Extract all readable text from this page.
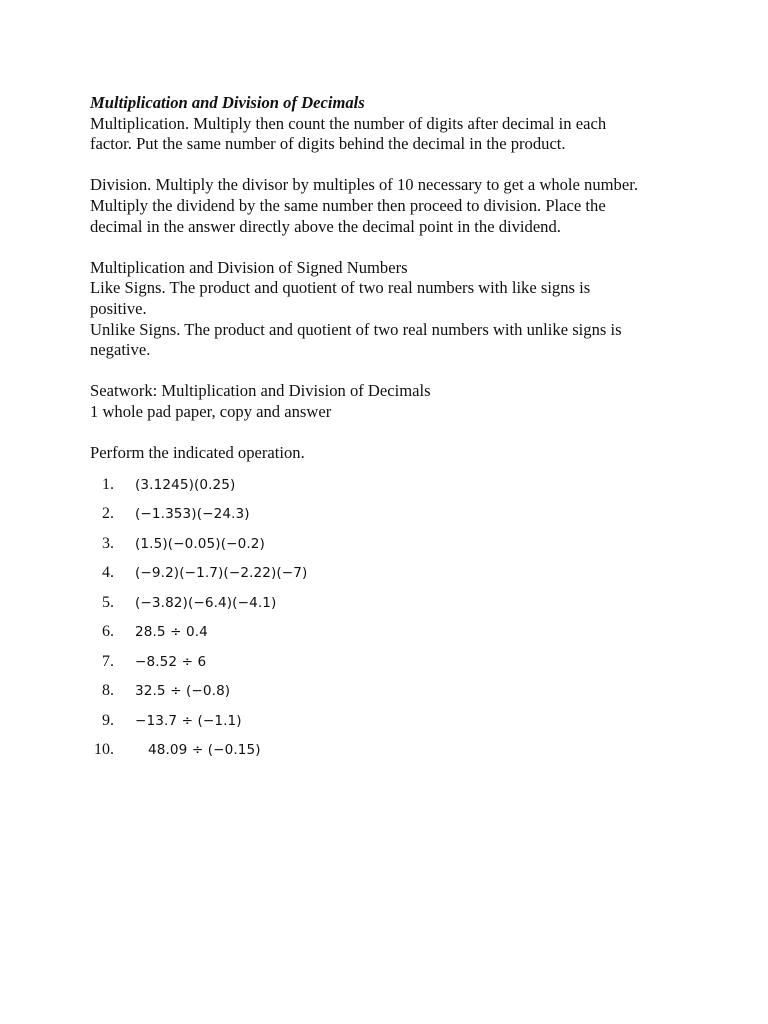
Multiplication and Division of Decimals
Multiplication. Multiply then count the number of digits after decimal in each
factor. Put the same number of digits behind the decimal in the product.
Division. Multiply the divisor by multiples of 10 necessary to get a whole number.
Multiply the dividend by the same number then proceed to division. Place the
decimal in the answer directly above the decimal point in the dividend.
Multiplication and Division of Signed Numbers
Like Signs. The product and quotient of two real numbers with like signs is
positive.
Unlike Signs. The product and quotient of two real numbers with unlike signs is
negative.
Seatwork: Multiplication and Division of Decimals
1 whole pad paper, copy and answer
Perform the indicated operation.
1. (3.1245)(0.25)
2. (−1.353)(−24.3)
3. (1.5)(−0.05)(−0.2)
4. (−9.2)(−1.7)(−2.22)(−7)
5. (−3.82)(−6.4)(−4.1)
6. 28.5 ÷ 0.4
7. −8.52 ÷ 6
8. 32.5 ÷ (−0.8)
9. −13.7 ÷ (−1.1)
10.	48.09 ÷ (−0.15)
